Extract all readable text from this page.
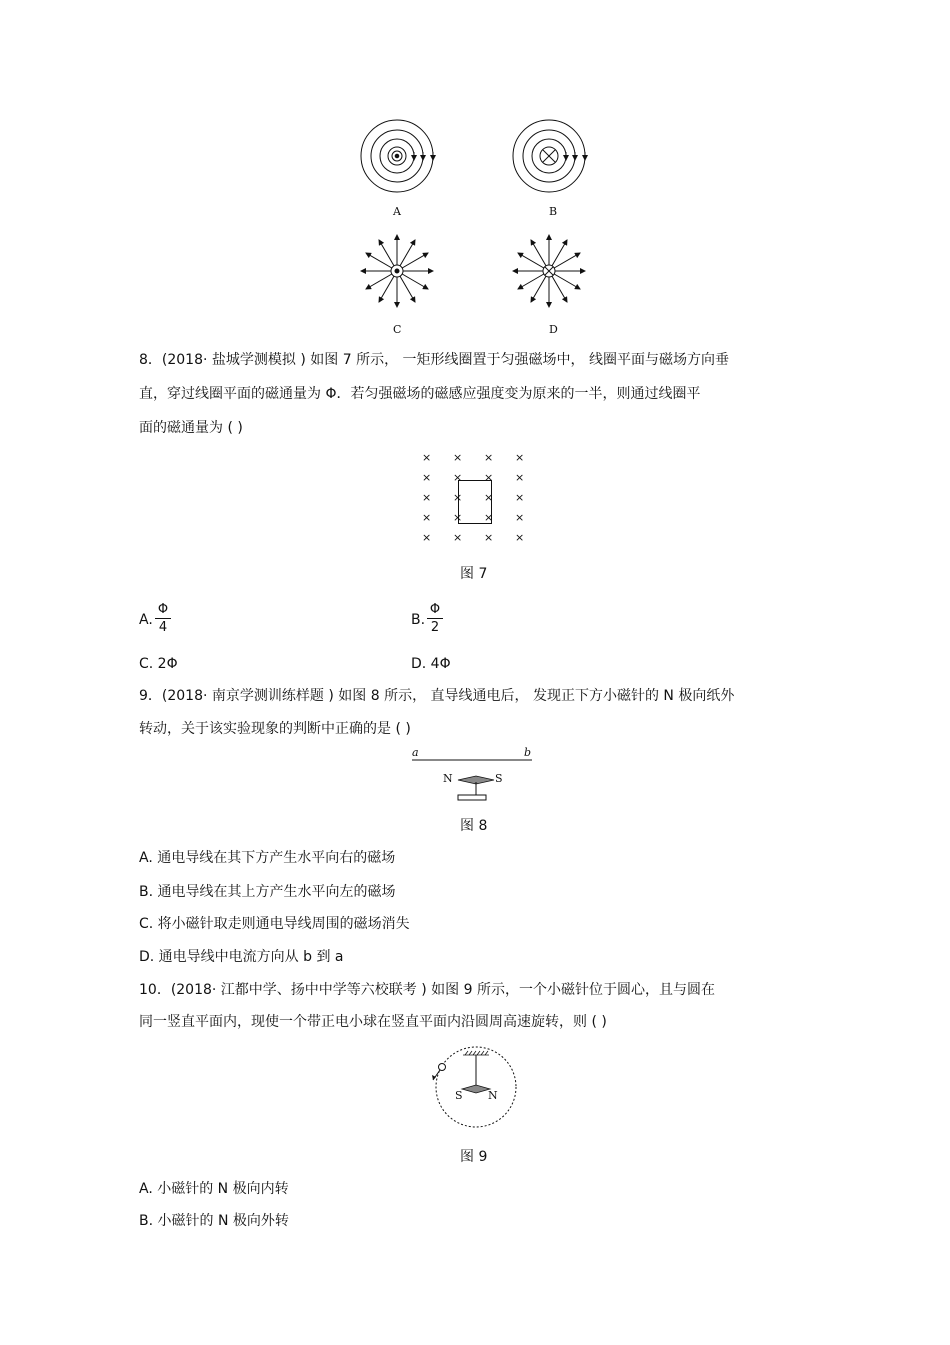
A	B
C	D
8．(2018· 盐城学测模拟 ) 如图 7 所示， 一矩形线圈置于匀强磁场中， 线圈平面与磁场方向垂
直，穿过线圈平面的磁通量为 Φ．若匀强磁场的磁感应强度变为原来的一半，则通过线圈平
面的磁通量为 ( )
× × × ×
× × × ×
× × × ×
× × × ×
× × × ×
图 7
A. $\frac{\Phi}{4}$	B. $\frac{\Phi}{2}$
C. 2Φ	D. 4Φ
9．(2018· 南京学测训练样题 ) 如图 8 所示， 直导线通电后， 发现正下方小磁针的 N 极向纸外
转动，关于该实验现象的判断中正确的是 ( )
a	b
N	S
图 8
A. 通电导线在其下方产生水平向右的磁场
B. 通电导线在其上方产生水平向左的磁场
C. 将小磁针取走则通电导线周围的磁场消失
D. 通电导线中电流方向从 b 到 a
10．(2018· 江都中学、扬中中学等六校联考 ) 如图 9 所示，一个小磁针位于圆心，且与圆在
同一竖直平面内，现使一个带正电小球在竖直平面内沿圆周高速旋转，则 ( )
S N
图 9
A. 小磁针的 N 极向内转
B. 小磁针的 N 极向外转
